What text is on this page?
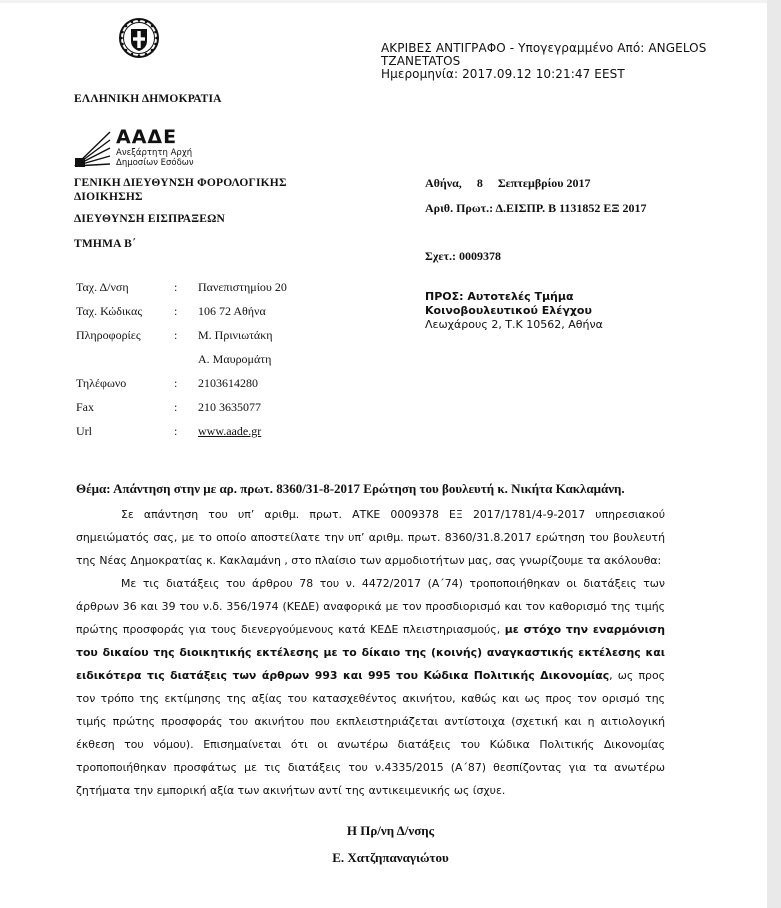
ΑΚΡΙΒΕΣ ΑΝΤΙΓΡΑΦΟ - Υπογεγραμμένο Από: ANGELOS
TZANETATOS
Ημερομηνία: 2017.09.12 10:21:47 EEST
ΕΛΛΗΝΙΚΗ ΔΗΜΟΚΡΑΤΙΑ
ΑΑΔΕ
Ανεξάρτητη Αρχή
Δημοσίων Εσόδων
ΓΕΝΙΚΗ ΔΙΕΥΘΥΝΣΗ ΦΟΡΟΛΟΓΙΚΗΣ
ΔΙΟΙΚΗΣΗΣ
ΔΙΕΥΘΥΝΣΗ ΕΙΣΠΡΑΞΕΩΝ
ΤΜΗΜΑ Β΄
Αθήνα, 8 Σεπτεμβρίου 2017
Αριθ. Πρωτ.: Δ.ΕΙΣΠΡ. Β 1131852 ΕΞ 2017
Σχετ.: 0009378
ΠΡΟΣ: Αυτοτελές Τμήμα
Κοινοβουλευτικού Ελέγχου
Λεωχάρους 2, Τ.Κ 10562, Αθήνα
Ταχ. Δ/νση	: Πανεπιστημίου 20
Ταχ. Κώδικας	: 106 72 Αθήνα
Πληροφορίες	: Μ. Πρινιωτάκη
Α. Μαυρομάτη
Τηλέφωνο	: 2103614280
Fax	: 210 3635077
Url	: www.aade.gr
Θέμα: Απάντηση στην με αρ. πρωτ. 8360/31-8-2017 Ερώτηση του βουλευτή κ. Νικήτα Κακλαμάνη.

Σε απάντηση του υπ’ αριθμ. πρωτ. ΑΤΚΕ 0009378 ΕΞ 2017/1781/4-9-2017 υπηρεσιακού σημειώματός σας, με το οποίο αποστείλατε την υπ’ αριθμ. πρωτ. 8360/31.8.2017 ερώτηση του βουλευτή της Νέας Δημοκρατίας κ. Κακλαμάνη , στο πλαίσιο των αρμοδιοτήτων μας, σας γνωρίζουμε τα ακόλουθα:

Με τις διατάξεις του άρθρου 78 του ν. 4472/2017 (Α΄74) τροποποιήθηκαν οι διατάξεις των άρθρων 36 και 39 του ν.δ. 356/1974 (ΚΕΔΕ) αναφορικά με τον προσδιορισμό και τον καθορισμό της τιμής πρώτης προσφοράς για τους διενεργούμενους κατά ΚΕΔΕ πλειστηριασμούς, με στόχο την εναρμόνιση του δικαίου της διοικητικής εκτέλεσης με το δίκαιο της (κοινής) αναγκαστικής εκτέλεσης και ειδικότερα τις διατάξεις των άρθρων 993 και 995 του Κώδικα Πολιτικής Δικονομίας, ως προς τον τρόπο της εκτίμησης της αξίας του κατασχεθέντος ακινήτου, καθώς και ως προς τον ορισμό της τιμής πρώτης προσφοράς του ακινήτου που εκπλειστηριάζεται αντίστοιχα (σχετική και η αιτιολογική έκθεση του νόμου). Επισημαίνεται ότι οι ανωτέρω διατάξεις του Κώδικα Πολιτικής Δικονομίας τροποποιήθηκαν προσφάτως με τις διατάξεις του ν.4335/2015 (Α΄87) θεσπίζοντας για τα ανωτέρω ζητήματα την εμπορική αξία των ακινήτων αντί της αντικειμενικής ως ίσχυε.

Η Πρ/νη Δ/νσης
Ε. Χατζηπαναγιώτου
